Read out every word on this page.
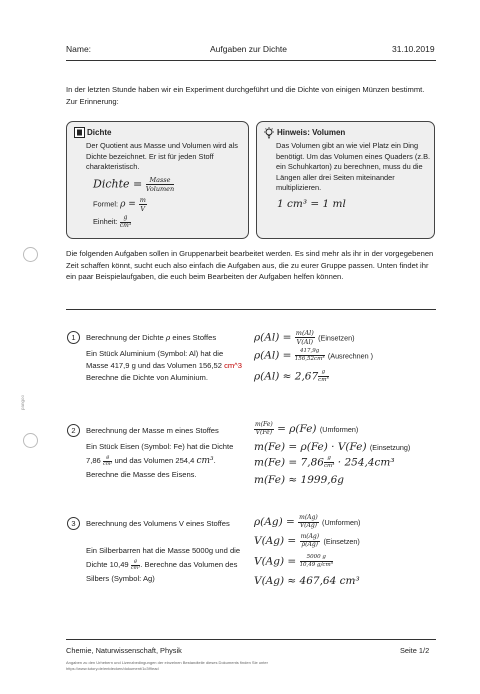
Name:	Aufgaben zur Dichte	31.10.2019
In der letzten Stunde haben wir ein Experiment durchgeführt und die Dichte von einigen Münzen bestimmt. Zur Erinnerung:
Dichte
Der Quotient aus Masse und Volumen wird als Dichte bezeichnet. Er ist für jeden Stoff charakteristisch.
Dichte = $\frac{\text{Masse}}{\text{Volumen}}$
Formel: $\rho = \frac{m}{V}$
Einheit: $\frac{g}{\text{cm³}}$
Hinweis: Volumen
Das Volumen gibt an wie viel Platz ein Ding benötigt. Um das Volumen eines Quaders (z.B. ein Schuhkarton) zu berechnen, muss du die Längen aller drei Seiten miteinander multiplizieren.
1 cm³ = 1 ml
Die folgenden Aufgaben sollen in Gruppenarbeit bearbeitet werden. Es sind mehr als ihr in der vorgegebenen Zeit schaffen könnt, sucht euch also einfach die Aufgaben aus, die zu eurer Gruppe passen. Unten findet ihr ein paar Beispielaufgaben, die euch beim Bearbeiten der Aufgaben helfen können.
1	Berechnung der Dichte ρ eines Stoffes
Ein Stück Aluminium (Symbol: Al) hat die Masse 417,9 g und das Volumen 156,52 cm^3 Berechne die Dichte von Aluminium.
$\rho(Al) = \frac{m(Al)}{V(Al)}$ (Einsetzen)
$\rho(Al) = \frac{417,9g}{\text{156,52cm³}}$ (Ausrechnen )
$\rho(Al) \approx 2,67 \frac{g}{\text{cm³}}$
2	Berechnung der Masse m eines Stoffes
Ein Stück Eisen (Symbol: Fe) hat die Dichte $7,86 \frac{g}{\text{cm³}}$ und das Volumen 254,4 cm³. Berechne die Masse des Eisens.
$\frac{m(Fe)}{V(Fe)} = \rho(Fe)$ (Umformen)
m(Fe) = ρ(Fe) · V(Fe) (Einsetzung)
$m(Fe) = 7,86 \frac{g}{\text{cm³}} \cdot 254,4cm^3$
m(Fe) ≈ 1999,6g
3	Berechnung des Volumens V eines Stoffes
Ein Silberbarren hat die Masse 5000g und die Dichte $10,49 \frac{g}{\text{cm³}}$ . Berechne das Volumen des Silbers (Symbol: Ag)
$\rho(Ag) = \frac{m(Ag)}{V(Ag)}$ (Umformen)
$V(Ag) = \frac{m(Ag)}{\rho(Ag)}$ (Einsetzen)
$V(Ag) = \frac{5000 g}{\text{10,49 g/cm³}}$
V(Ag) ≈ 467,64 cm³
pangoo
Chemie, Naturwissenschaft, Physik	Seite 1/2
Angaben zu den Urhebern und Lizenzbedingungen der einzelnen Bestandteile dieses Dokuments finden Sie unter
https://www.tutory.de/entdecken/dokument/1c3f9ead
